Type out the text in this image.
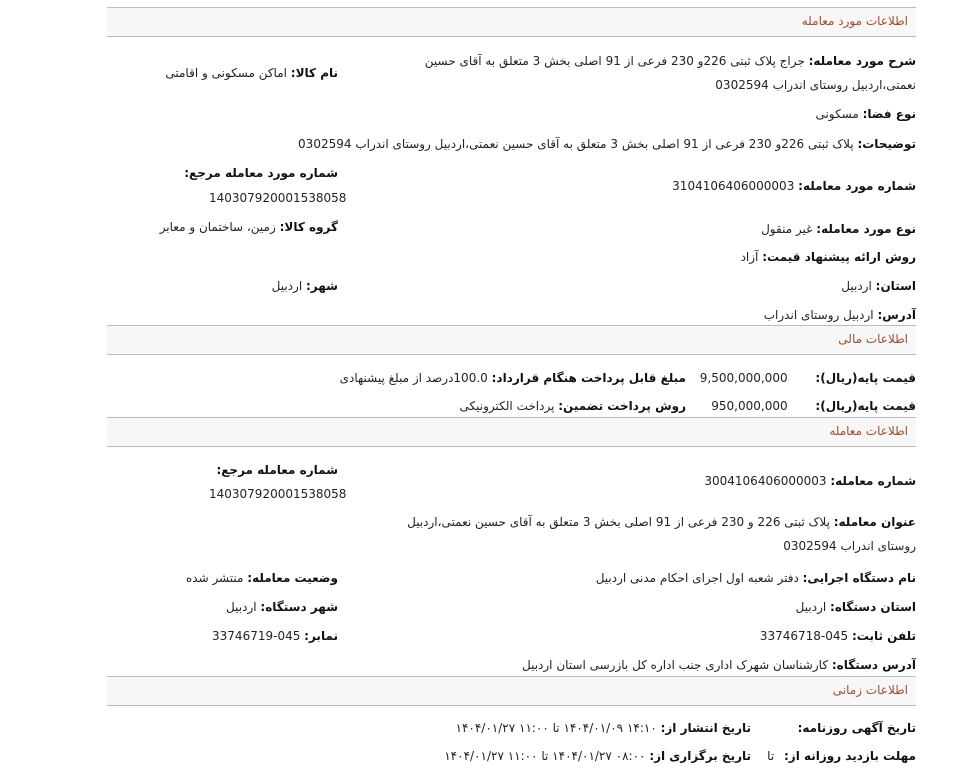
اطلاعات مورد معامله
شرح مورد معامله: جراج پلاک ثبتی 226و 230 فرعی از 91 اصلی بخش 3 متعلق به آقای حسین
نعمتی،اردبیل روستای اندراب 0302594
نام کالا: اماکن مسکونی و اقامتی
نوع فضا: مسکونی
توضیحات: پلاک ثبتی 226و 230 فرعی از 91 اصلی بخش 3 متعلق به آقای حسین نعمتی،اردبیل روستای اندراب 0302594
شماره مورد معامله مرجع:
140307920001538058
شماره مورد معامله: 3104106406000003
گروه کالا: زمین، ساختمان و معابر	نوع مورد معامله: غیر منقول
روش ارائه پیشنهاد قیمت: آزاد
استان: اردبیل
شهر: اردبیل
آدرس: اردبیل روستای اندراب
اطلاعات مالی
قیمت پایه(ریال): 9,500,000,000
مبلغ قابل پرداخت هنگام قرارداد: 100.0درصد از مبلغ پیشنهادی
قیمت پایه(ریال): 950,000,000
روش پرداخت تضمین: پرداخت الکترونیکی
اطلاعات معامله
شماره معامله: 3004106406000003
شماره معامله مرجع:
140307920001538058
عنوان معامله: پلاک ثبتی 226 و 230 فرعی از 91 اصلی بخش 3 متعلق به آقای حسین نعمتی،اردبیل
روستای اندراب 0302594
نام دستگاه اجرایی: دفتر شعبه اول اجرای احکام مدنی اردبیل
وضعیت معامله: منتشر شده
استان دستگاه: اردبیل
شهر دستگاه: اردبیل
تلفن ثابت: 33746718-045
نمابر: 33746719-045
آدرس دستگاه: کارشناسان شهرک اداری جنب اداره کل بازرسی استان اردبیل
اطلاعات زمانی
تاریخ آگهی روزنامه:
تاریخ انتشار از: ۱۴:۱۰ ۱۴۰۴/۰۱/۰۹ تا ۱۱:۰۰ ۱۴۰۴/۰۱/۲۷
مهلت بازدید روزانه از: تا
تاریخ برگزاری از: ۰۸:۰۰ ۱۴۰۴/۰۱/۲۷ تا ۱۱:۰۰ ۱۴۰۴/۰۱/۲۷
